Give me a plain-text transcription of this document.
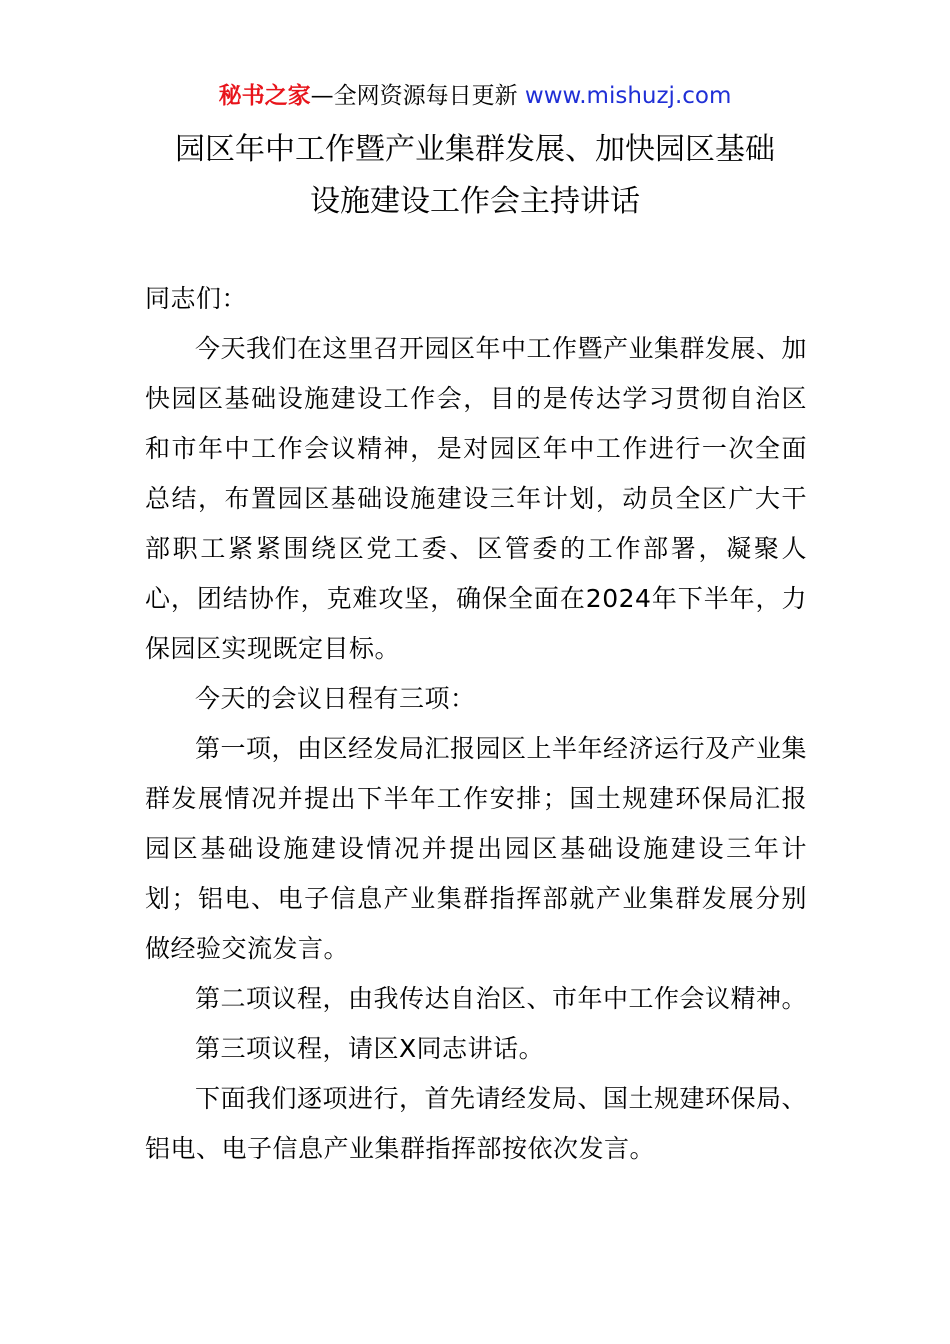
秘书之家—全网资源每日更新 www.mishuzj.com
园区年中工作暨产业集群发展、加快园区基础
设施建设工作会主持讲话

同志们：

今天我们在这里召开园区年中工作暨产业集群发展、加快园区基础设施建设工作会，目的是传达学习贯彻自治区和市年中工作会议精神，是对园区年中工作进行一次全面总结，布置园区基础设施建设三年计划，动员全区广大干部职工紧紧围绕区党工委、区管委的工作部署，凝聚人心，团结协作，克难攻坚，确保全面在2024年下半年，力保园区实现既定目标。

今天的会议日程有三项：

第一项，由区经发局汇报园区上半年经济运行及产业集群发展情况并提出下半年工作安排；国土规建环保局汇报园区基础设施建设情况并提出园区基础设施建设三年计划；铝电、电子信息产业集群指挥部就产业集群发展分别做经验交流发言。

第二项议程，由我传达自治区、市年中工作会议精神。

第三项议程，请区X同志讲话。

下面我们逐项进行，首先请经发局、国土规建环保局、铝电、电子信息产业集群指挥部按依次发言。
